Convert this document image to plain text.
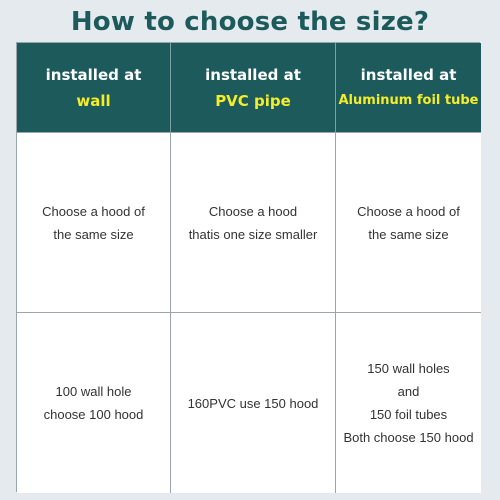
How to choose the size?
installed at
wall
installed at
PVC pipe
installed at
Aluminum foil tube
Choose a hood of
the same size
Choose a hood
thatis one size smaller
Choose a hood of
the same size
100 wall hole
choose 100 hood
160PVC use 150 hood
150 wall holes
and
150 foil tubes
Both choose 150 hood
